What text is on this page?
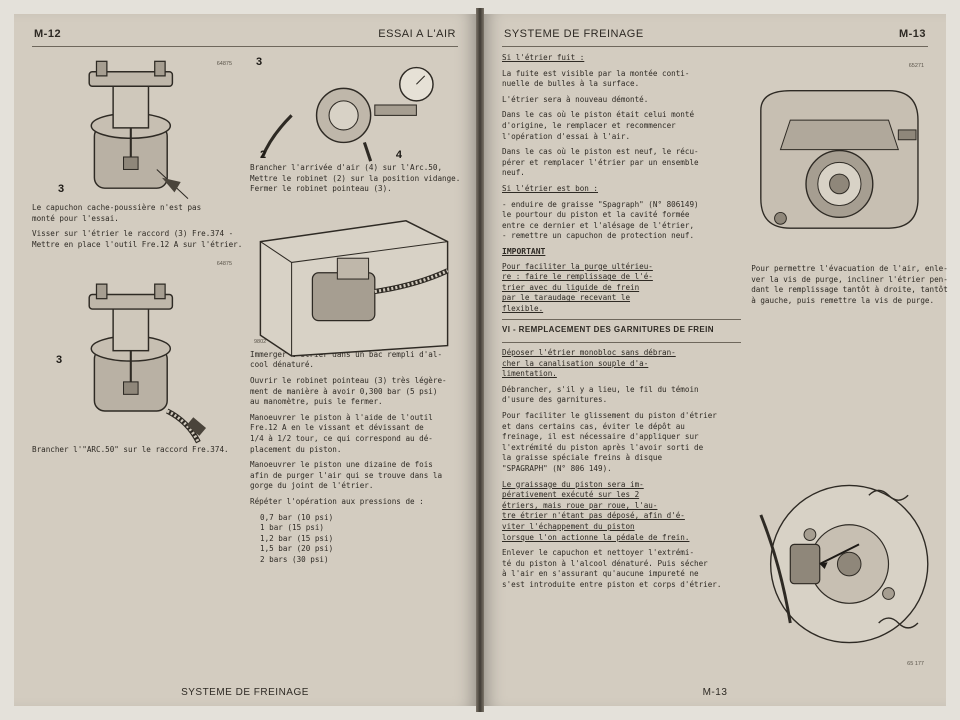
M-12	ESSAI A L'AIR
64875
3

Le capuchon cache-poussière n'est pas
monté pour l'essai.

Visser sur l'étrier le raccord (3) Fre.374 -
Mettre en place l'outil Fre.12 A sur l'étrier.

64875
3

Brancher l'"ARC.50" sur le raccord Fre.374.

3
2	4

Brancher l'arrivée d'air (4) sur l'Arc.50,
Mettre le robinet (2) sur la position vidange.
Fermer le robinet pointeau (3).

9802

Immerger l'étrier dans un bac rempli d'al-
cool dénaturé.

Ouvrir le robinet pointeau (3) très légère-
ment de manière à avoir 0,300 bar (5 psi)
au manomètre, puis le fermer.

Manoeuvrer le piston à l'aide de l'outil
Fre.12 A en le vissant et dévissant de
1/4 à 1/2 tour, ce qui correspond au dé-
placement du piston.

Manoeuvrer le piston une dizaine de fois
afin de purger l'air qui se trouve dans la
gorge du joint de l'étrier.

Répéter l'opération aux pressions de :

0,7 bar (10 psi)
1 bar (15 psi)
1,2 bar (15 psi)
1,5 bar (20 psi)
2 bars (30 psi)
SYSTEME DE FREINAGE
SYSTEME DE FREINAGE	M-13

Si l'étrier fuit :

La fuite est visible par la montée conti-
nuelle de bulles à la surface.

L'étrier sera à nouveau démonté.

Dans le cas où le piston était celui monté
d'origine, le remplacer et recommencer
l'opération d'essai à l'air.

Dans le cas où le piston est neuf, le récu-
pérer et remplacer l'étrier par un ensemble
neuf.

Si l'étrier est bon :

- enduire de graisse "Spagraph" (N° 806149)
le pourtour du piston et la cavité formée
entre ce dernier et l'alésage de l'étrier,
- remettre un capuchon de protection neuf.

IMPORTANT

Pour faciliter la purge ultérieu-
re : faire le remplissage de l'é-
trier avec du liquide de frein
par le taraudage recevant le
flexible.

VI - REMPLACEMENT DES GARNITURES DE FREIN

Déposer l'étrier monobloc sans débran-
cher la canalisation souple d'a-
limentation.

Débrancher, s'il y a lieu, le fil du témoin
d'usure des garnitures.

Pour faciliter le glissement du piston d'étrier
et dans certains cas, éviter le dépôt au
freinage, il est nécessaire d'appliquer sur
l'extrémité du piston après l'avoir sorti de
la graisse spéciale freins à disque
"SPAGRAPH" (N° 806 149).

Le graissage du piston sera im-
pérativement exécuté sur les 2
étriers, mais roue par roue, l'au-
tre étrier n'étant pas déposé, afin d'é-
viter l'échappement du piston
lorsque l'on actionne la pédale de frein.

Enlever le capuchon et nettoyer l'extrémi-
té du piston à l'alcool dénaturé. Puis sécher
à l'air en s'assurant qu'aucune impureté ne
s'est introduite entre piston et corps d'étrier.

65271

Pour permettre l'évacuation de l'air, enle-
ver la vis de purge, incliner l'étrier pen-
dant le remplissage tantôt à droite, tantôt
à gauche, puis remettre la vis de purge.

65 177
M-13
